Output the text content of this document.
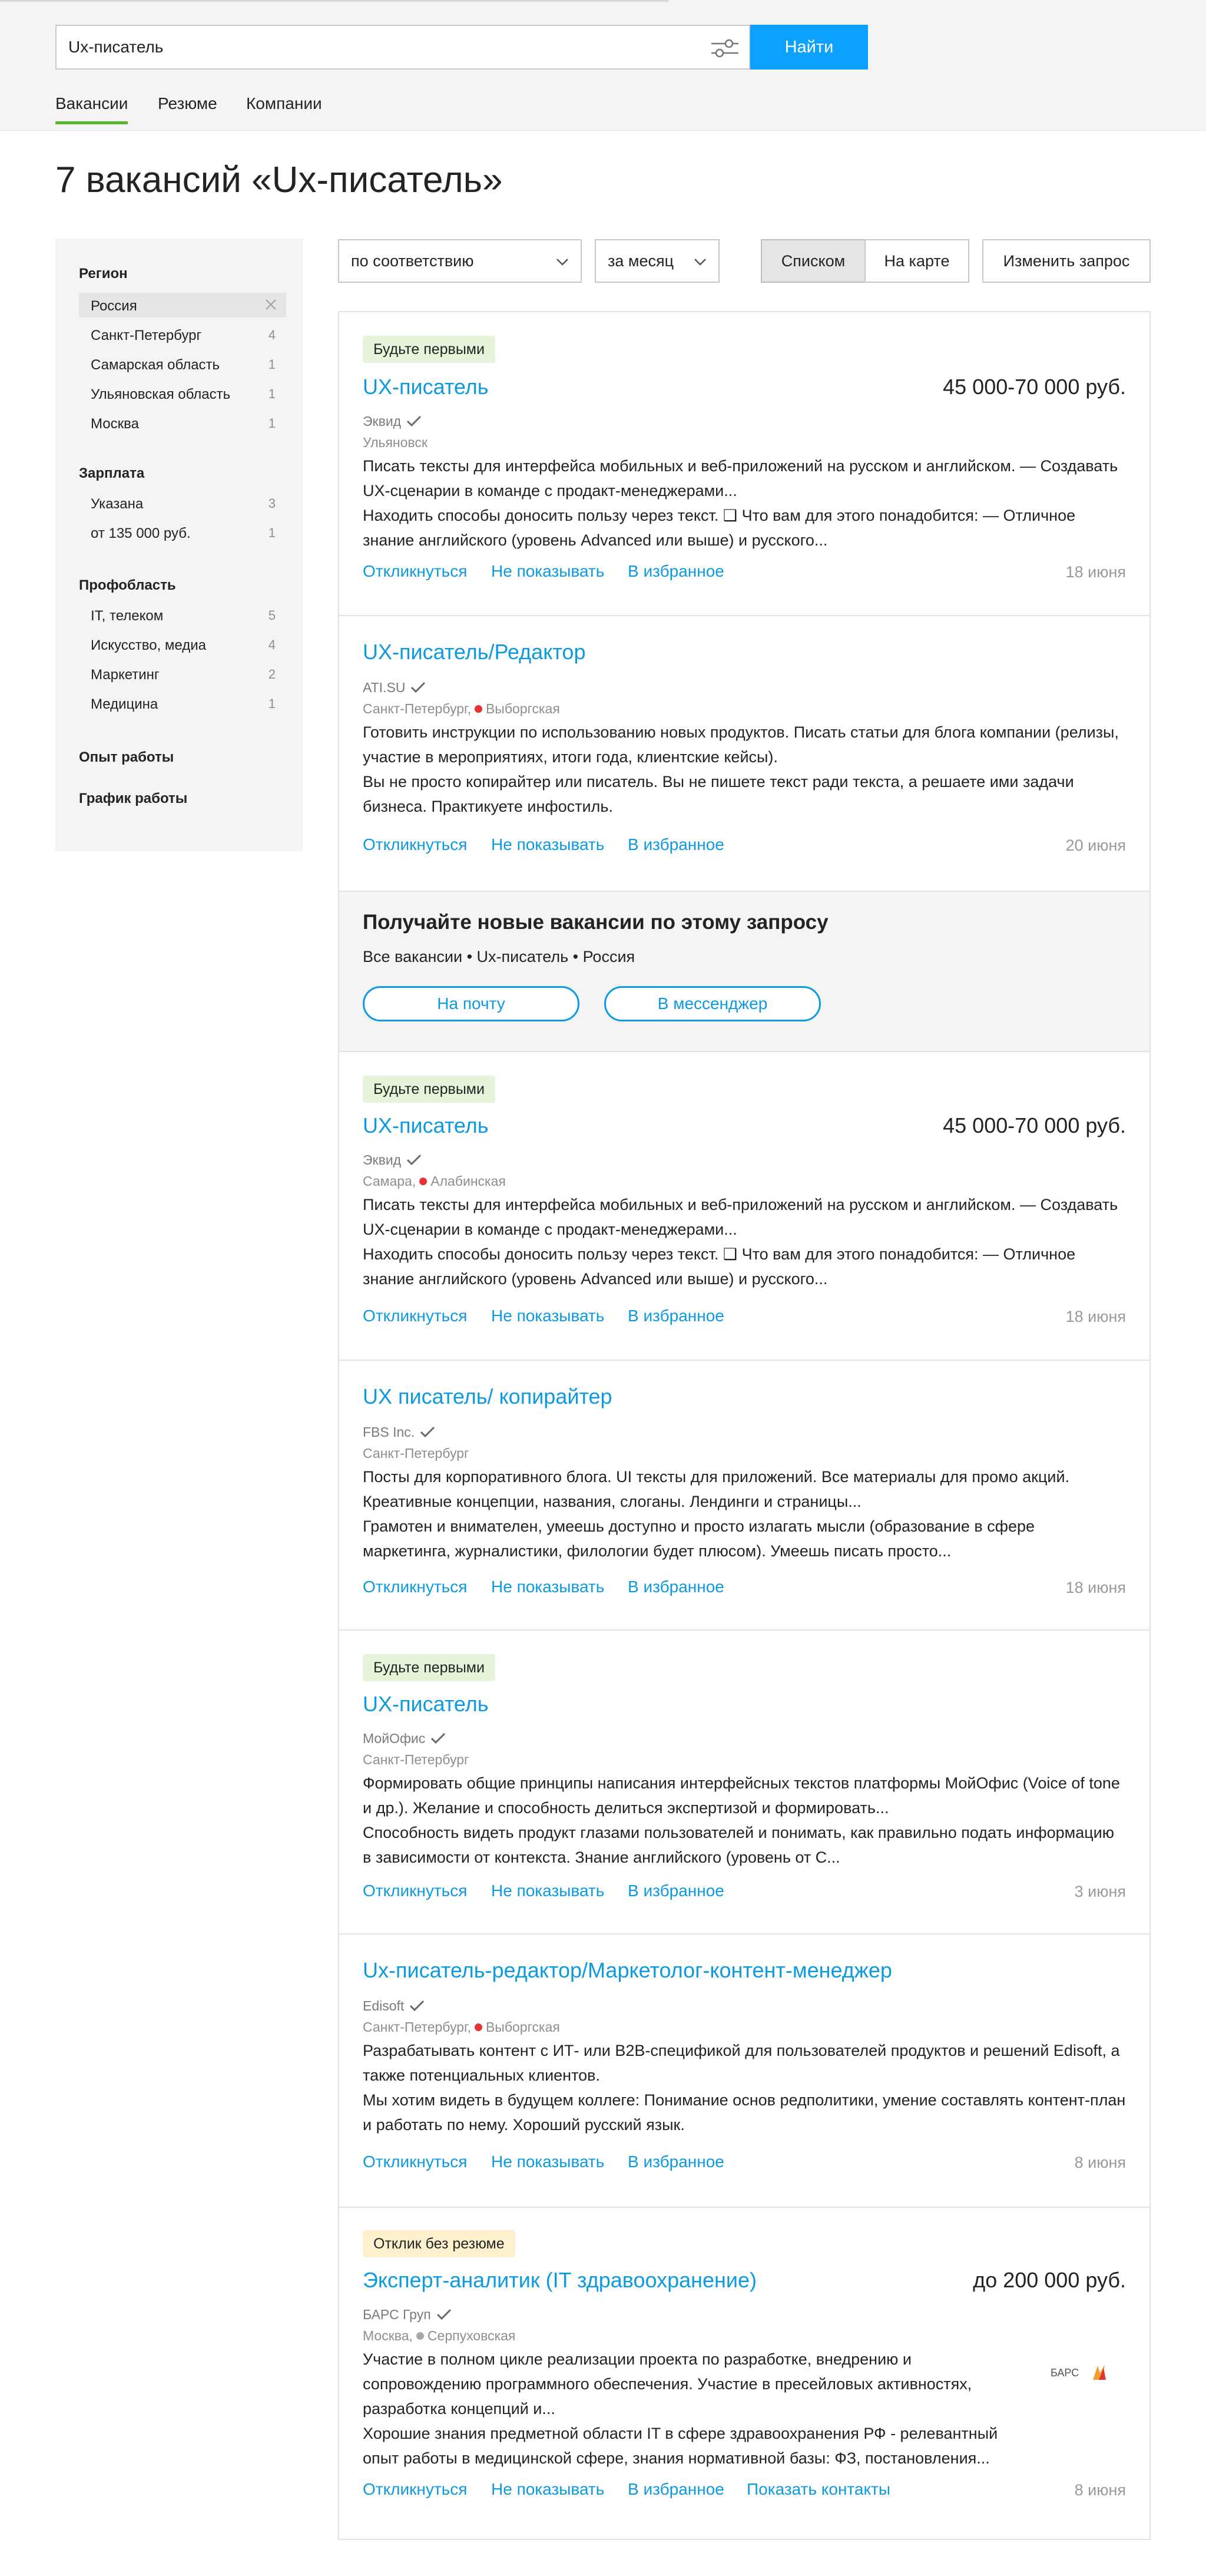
Ux-писатель
Найти
Вакансии Резюме Компании
7 вакансий «Ux-писатель»
Регион
Россия
Санкт-Петербург	4
Самарская область	1
Ульяновская область	1
Москва	1
Зарплата
Указана	3
от 135 000 руб.	1
Профобласть
IT, телеком	5
Искусство, медиа	4
Маркетинг	2
Медицина	1
Опыт работы
График работы
по соответствию	за месяц	Списком	На карте	Изменить запрос
Будьте первыми
UX-писатель	45 000-70 000 руб.
Эквид
Ульяновск
Писать тексты для интерфейса мобильных и веб-приложений на русском и английском. — Создавать UX-сценарии в команде с продакт-менеджерами...
Находить способы доносить пользу через текст. ❑ Что вам для этого понадобится: — Отличное знание английского (уровень Advanced или выше) и русского...
Откликнуться Не показывать В избранное	18 июня
UX-писатель/Редактор
ATI.SU
Санкт-Петербург, Выборгская
Готовить инструкции по использованию новых продуктов. Писать статьи для блога компании (релизы, участие в мероприятиях, итоги года, клиентские кейсы).
Вы не просто копирайтер или писатель. Вы не пишете текст ради текста, а решаете ими задачи бизнеса. Практикуете инфостиль.
Откликнуться Не показывать В избранное	20 июня
Получайте новые вакансии по этому запросу
Все вакансии • Ux-писатель • Россия
На почту	В мессенджер
Будьте первыми
UX-писатель	45 000-70 000 руб.
Эквид
Самара, Алабинская
Писать тексты для интерфейса мобильных и веб-приложений на русском и английском. — Создавать UX-сценарии в команде с продакт-менеджерами...
Находить способы доносить пользу через текст. ❑ Что вам для этого понадобится: — Отличное знание английского (уровень Advanced или выше) и русского...
Откликнуться Не показывать В избранное	18 июня
UX писатель/ копирайтер
FBS Inc.
Санкт-Петербург
Посты для корпоративного блога. UI тексты для приложений. Все материалы для промо акций. Креативные концепции, названия, слоганы. Лендинги и страницы...
Грамотен и внимателен, умеешь доступно и просто излагать мысли (образование в сфере маркетинга, журналистики, филологии будет плюсом). Умеешь писать просто...
Откликнуться Не показывать В избранное	18 июня
Будьте первыми
UX-писатель
МойОфис
Санкт-Петербург
Формировать общие принципы написания интерфейсных текстов платформы МойОфис (Voice of tone и др.). Желание и способность делиться экспертизой и формировать...
Способность видеть продукт глазами пользователей и понимать, как правильно подать информацию в зависимости от контекста. Знание английского (уровень от С...
Откликнуться Не показывать В избранное	3 июня
Ux-писатель-редактор/Маркетолог-контент-менеджер
Edisoft
Санкт-Петербург, Выборгская
Разрабатывать контент с ИТ- или B2B-спецификой для пользователей продуктов и решений Edisoft, а также потенциальных клиентов.
Мы хотим видеть в будущем коллеге: Понимание основ редполитики, умение составлять контент-план и работать по нему. Хороший русский язык.
Откликнуться Не показывать В избранное	8 июня
Отклик без резюме
Эксперт-аналитик (IT здравоохранение)	до 200 000 руб.
БАРС Груп
Москва, Серпуховская
Участие в полном цикле реализации проекта по разработке, внедрению и сопровождению программного обеспечения. Участие в пресейловых активностях, разработка концепций и...
Хорошие знания предметной области IT в сфере здравоохранения РФ - релевантный опыт работы в медицинской сфере, знания нормативной базы: ФЗ, постановления...
БАРС
Откликнуться Не показывать В избранное Показать контакты	8 июня
